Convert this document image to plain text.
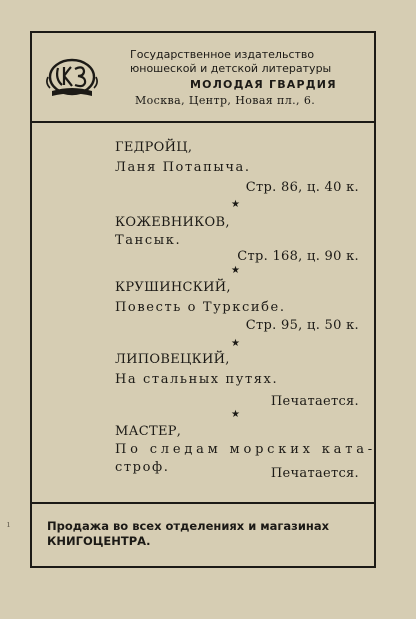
Государственное издательство
юношеской и детской литературы
МОЛОДАЯ ГВАРДИЯ
Москва, Центр, Новая пл., 6.
ГЕДРОЙЦ,
Ланя Потапыча.
Стр. 86, ц. 40 к.
★
КОЖЕВНИКОВ,
Тансык.
Стр. 168, ц. 90 к.
★
КРУШИНСКИЙ,
Повесть о Турксибе.
Стр. 95, ц. 50 к.
★
ЛИПОВЕЦКИЙ,
На стальных путях.
Печатается.
★
МАСТЕР,
По следам морских ката-
строф.	Печатается.
Продажа во всех отделениях и магазинах
КНИГОЦЕНТРА.
ı
